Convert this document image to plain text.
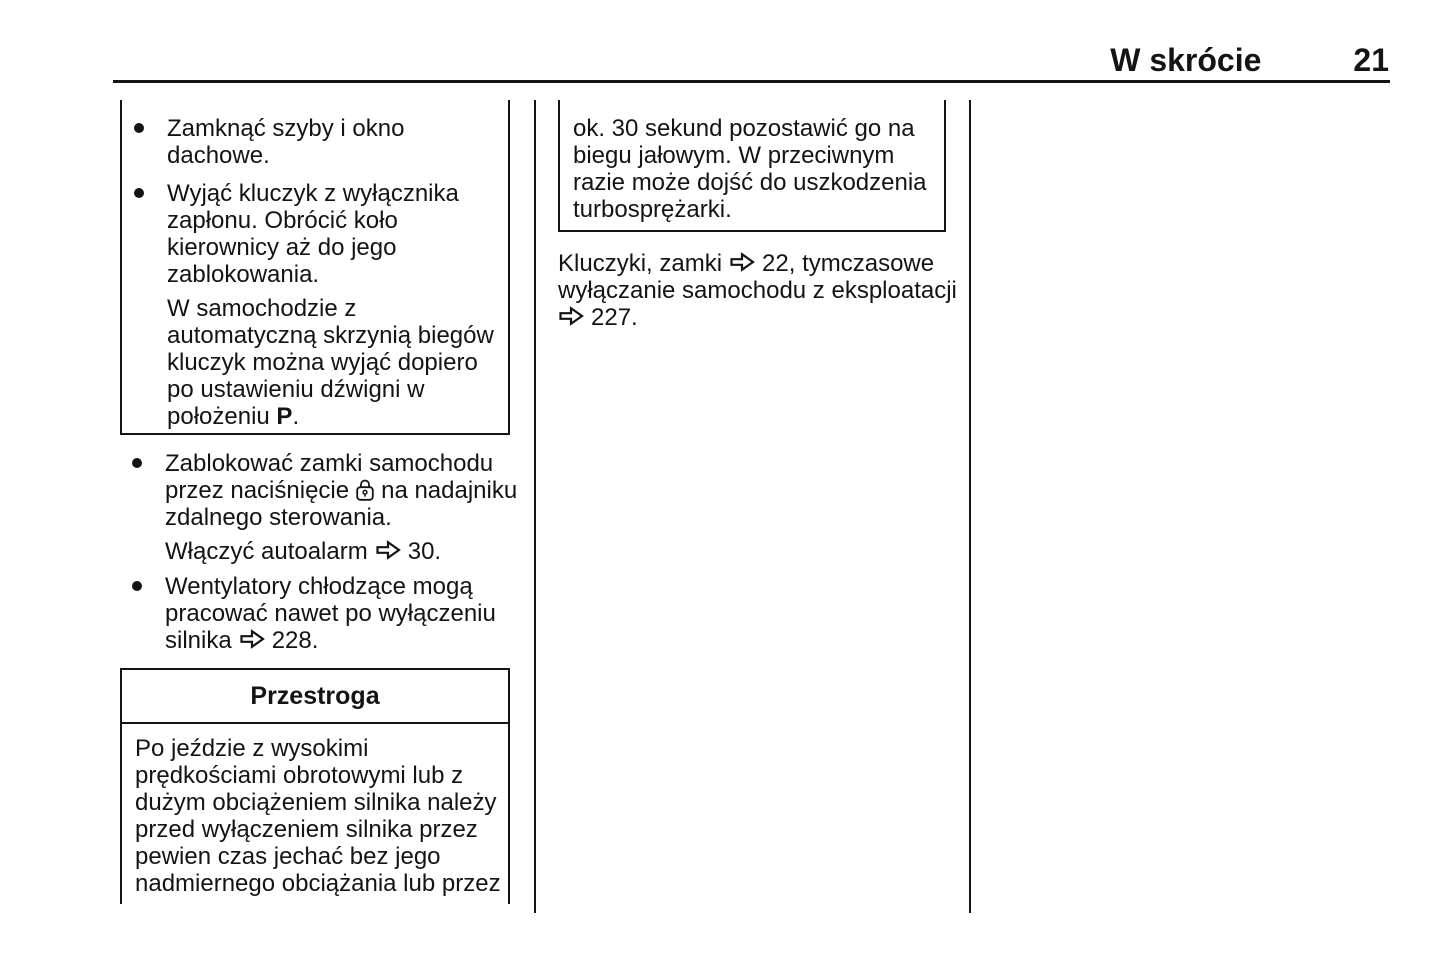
W skrócie	21
Zamknąć szyby i okno
dachowe.
Wyjąć kluczyk z wyłącznika
zapłonu. Obrócić koło
kierownicy aż do jego
zablokowania.
W samochodzie z
automatyczną skrzynią biegów
kluczyk można wyjąć dopiero
po ustawieniu dźwigni w
położeniu P.
Zablokować zamki samochodu
przez naciśnięcie na nadajniku
zdalnego sterowania.
Włączyć autoalarm 30.
Wentylatory chłodzące mogą
pracować nawet po wyłączeniu
silnika 228.
Przestroga
Po jeździe z wysokimi
prędkościami obrotowymi lub z
dużym obciążeniem silnika należy
przed wyłączeniem silnika przez
pewien czas jechać bez jego
nadmiernego obciążania lub przez
ok. 30 sekund pozostawić go na
biegu jałowym. W przeciwnym
razie może dojść do uszkodzenia
turbosprężarki.
Kluczyki, zamki 22, tymczasowe
wyłączanie samochodu z eksploatacji
227.
